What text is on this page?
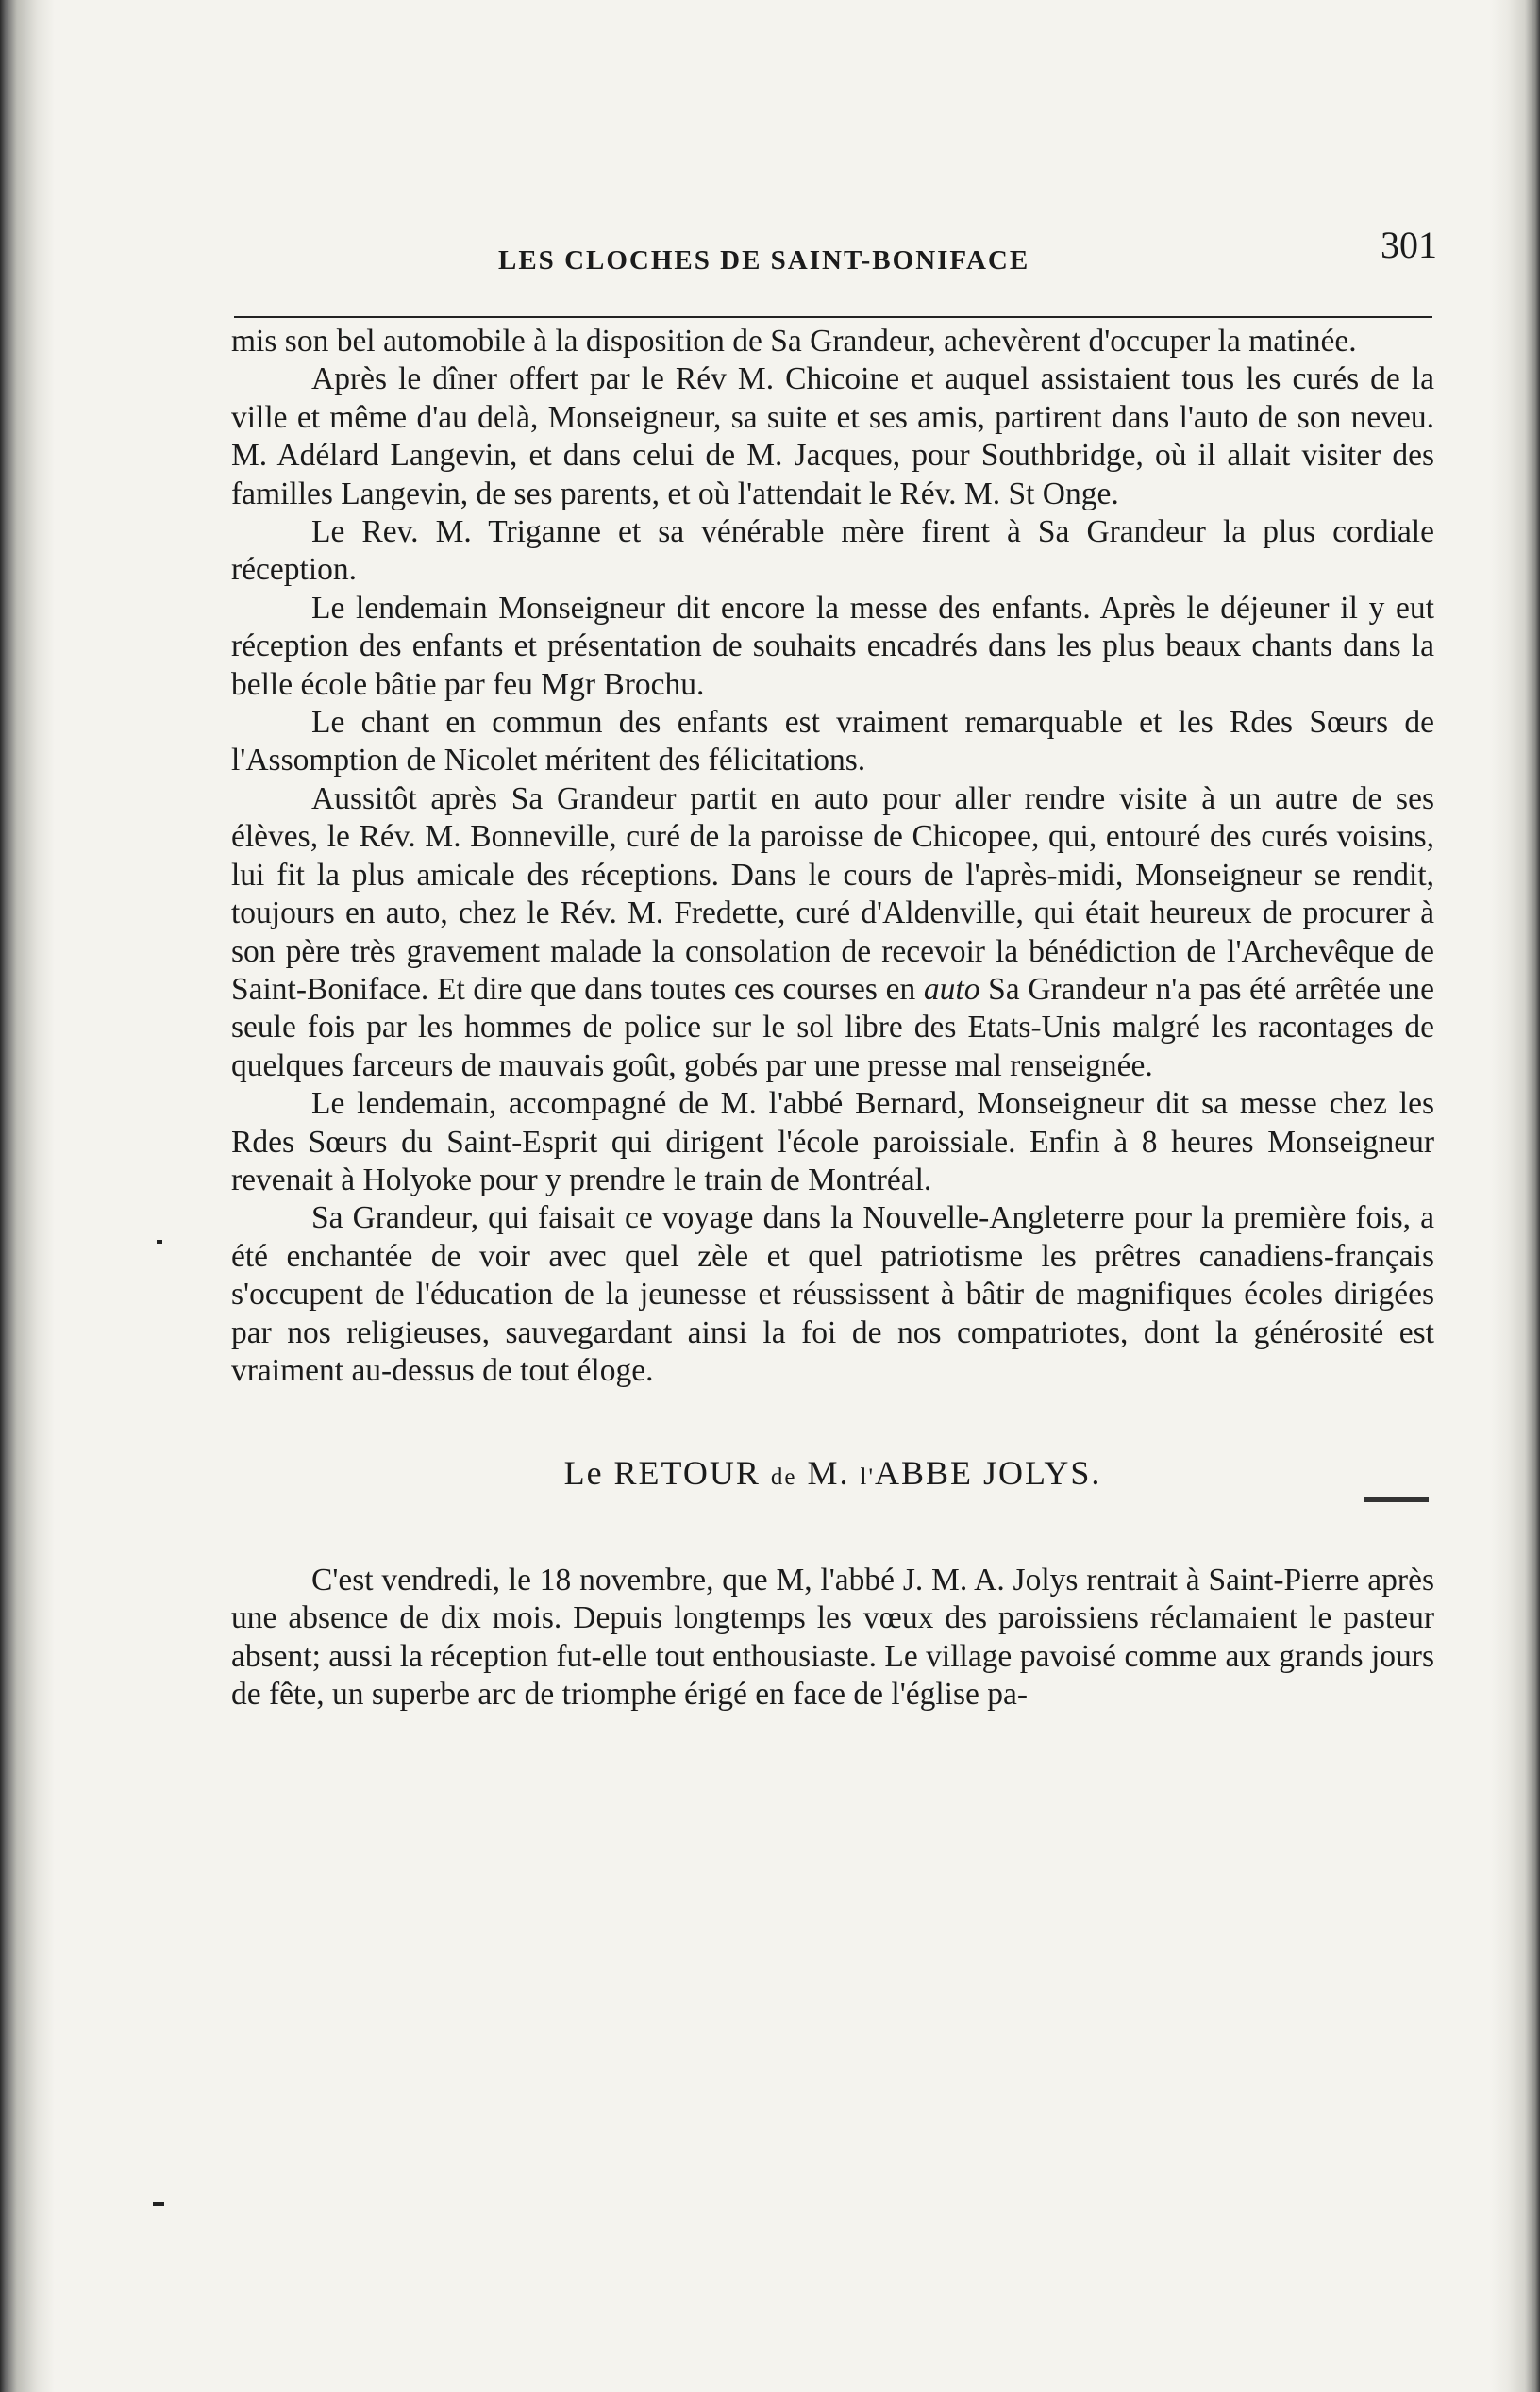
LES CLOCHES DE SAINT-BONIFACE	301

mis son bel automobile à la disposition de Sa Grandeur, achevèrent d'occuper la matinée.

Après le dîner offert par le Rév M. Chicoine et auquel assistaient tous les curés de la ville et même d'au delà, Monseigneur, sa suite et ses amis, partirent dans l'auto de son neveu. M. Adélard Langevin, et dans celui de M. Jacques, pour Southbridge, où il allait visiter des familles Langevin, de ses parents, et où l'attendait le Rév. M. St Onge.

Le Rev. M. Triganne et sa vénérable mère firent à Sa Grandeur la plus cordiale réception.

Le lendemain Monseigneur dit encore la messe des enfants. Après le déjeuner il y eut réception des enfants et présentation de souhaits encadrés dans les plus beaux chants dans la belle école bâtie par feu Mgr Brochu.

Le chant en commun des enfants est vraiment remarquable et les Rdes Sœurs de l'Assomption de Nicolet méritent des félicitations.

Aussitôt après Sa Grandeur partit en auto pour aller rendre visite à un autre de ses élèves, le Rév. M. Bonneville, curé de la paroisse de Chicopee, qui, entouré des curés voisins, lui fit la plus amicale des réceptions. Dans le cours de l'après-midi, Monseigneur se rendit, toujours en auto, chez le Rév. M. Fredette, curé d'Aldenville, qui était heureux de procurer à son père très gravement malade la consolation de recevoir la bénédiction de l'Archevêque de Saint-Boniface. Et dire que dans toutes ces courses en auto Sa Grandeur n'a pas été arrêtée une seule fois par les hommes de police sur le sol libre des Etats-Unis malgré les racontages de quelques farceurs de mauvais goût, gobés par une presse mal renseignée.

Le lendemain, accompagné de M. l'abbé Bernard, Monseigneur dit sa messe chez les Rdes Sœurs du Saint-Esprit qui dirigent l'école paroissiale. Enfin à 8 heures Monseigneur revenait à Holyoke pour y prendre le train de Montréal.

Sa Grandeur, qui faisait ce voyage dans la Nouvelle-Angleterre pour la première fois, a été enchantée de voir avec quel zèle et quel patriotisme les prêtres canadiens-français s'occupent de l'éducation de la jeunesse et réussissent à bâtir de magnifiques écoles dirigées par nos religieuses, sauvegardant ainsi la foi de nos compatriotes, dont la générosité est vraiment au-dessus de tout éloge.

Le RETOUR de M. l'ABBE JOLYS.

C'est vendredi, le 18 novembre, que M, l'abbé J. M. A. Jolys rentrait à Saint-Pierre après une absence de dix mois. Depuis longtemps les vœux des paroissiens réclamaient le pasteur absent; aussi la réception fut-elle tout enthousiaste. Le village pavoisé comme aux grands jours de fête, un superbe arc de triomphe érigé en face de l'église pa-
